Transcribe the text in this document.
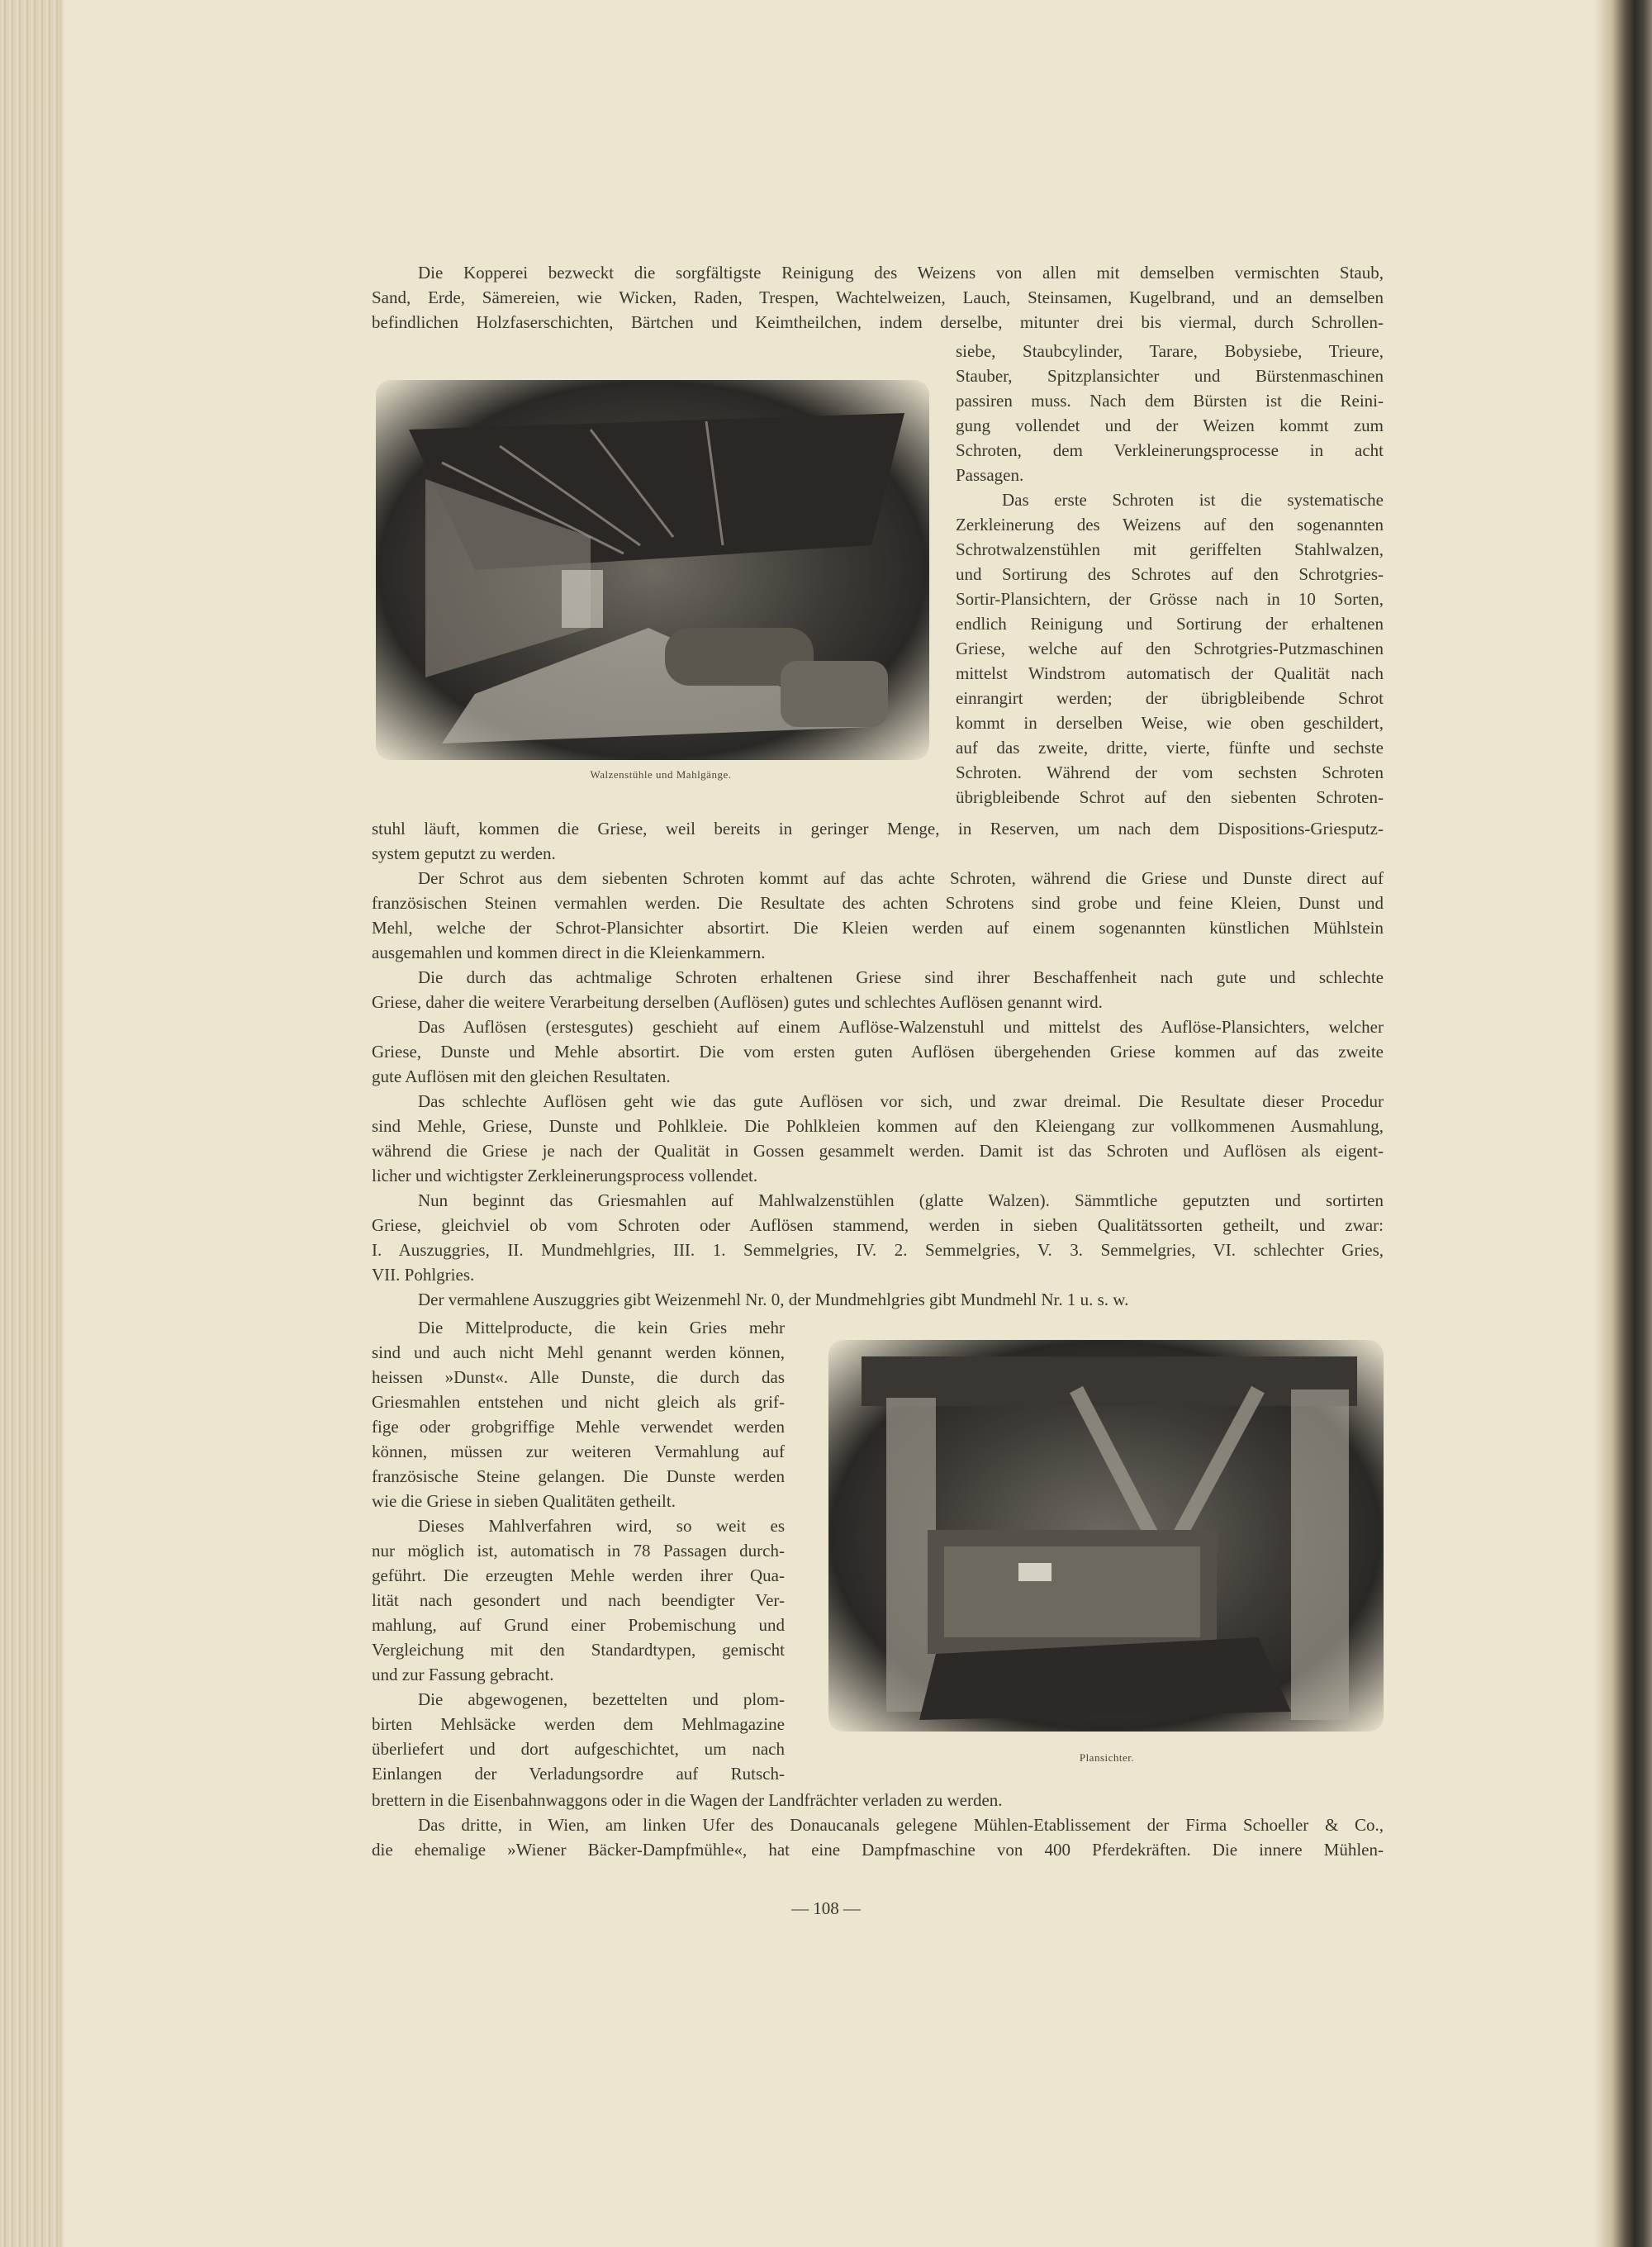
Die Kopperei bezweckt die sorgfältigste Reinigung des Weizens von allen mit demselben vermischten Staub,
Sand, Erde, Sämereien, wie Wicken, Raden, Trespen, Wachtelweizen, Lauch, Steinsamen, Kugelbrand, und an demselben
befindlichen Holzfaserschichten, Bärtchen und Keimtheilchen, indem derselbe, mitunter drei bis viermal, durch Schrollen-
siebe, Staubcylinder, Tarare, Bobysiebe, Trieure,
Stauber, Spitzplansichter und Bürstenmaschinen
passiren muss. Nach dem Bürsten ist die Reini-
gung vollendet und der Weizen kommt zum
Schroten, dem Verkleinerungsprocesse in acht
Passagen.
Das erste Schroten ist die systematische
Zerkleinerung des Weizens auf den sogenannten
Schrotwalzenstühlen mit geriffelten Stahlwalzen,
und Sortirung des Schrotes auf den Schrotgries-
Sortir-Plansichtern, der Grösse nach in 10 Sorten,
endlich Reinigung und Sortirung der erhaltenen
Griese, welche auf den Schrotgries-Putzmaschinen
mittelst Windstrom automatisch der Qualität nach
einrangirt werden; der übrigbleibende Schrot
kommt in derselben Weise, wie oben geschildert,
auf das zweite, dritte, vierte, fünfte und sechste
Schroten. Während der vom sechsten Schroten
übrigbleibende Schrot auf den siebenten Schroten-
stuhl läuft, kommen die Griese, weil bereits in geringer Menge, in Reserven, um nach dem Dispositions-Griesputz-
system geputzt zu werden.
Der Schrot aus dem siebenten Schroten kommt auf das achte Schroten, während die Griese und Dunste direct auf
französischen Steinen vermahlen werden. Die Resultate des achten Schrotens sind grobe und feine Kleien, Dunst und
Mehl, welche der Schrot-Plansichter absortirt. Die Kleien werden auf einem sogenannten künstlichen Mühlstein
ausgemahlen und kommen direct in die Kleienkammern.
Die durch das achtmalige Schroten erhaltenen Griese sind ihrer Beschaffenheit nach gute und schlechte
Griese, daher die weitere Verarbeitung derselben (Auflösen) gutes und schlechtes Auflösen genannt wird.
Das Auflösen (erstesgutes) geschieht auf einem Auflöse-Walzenstuhl und mittelst des Auflöse-Plansichters, welcher
Griese, Dunste und Mehle absortirt. Die vom ersten guten Auflösen übergehenden Griese kommen auf das zweite
gute Auflösen mit den gleichen Resultaten.
Das schlechte Auflösen geht wie das gute Auflösen vor sich, und zwar dreimal. Die Resultate dieser Procedur
sind Mehle, Griese, Dunste und Pohlkleie. Die Pohlkleien kommen auf den Kleiengang zur vollkommenen Ausmahlung,
während die Griese je nach der Qualität in Gossen gesammelt werden. Damit ist das Schroten und Auflösen als eigent-
licher und wichtigster Zerkleinerungsprocess vollendet.
Nun beginnt das Griesmahlen auf Mahlwalzenstühlen (glatte Walzen). Sämmtliche geputzten und sortirten
Griese, gleichviel ob vom Schroten oder Auflösen stammend, werden in sieben Qualitätssorten getheilt, und zwar:
I. Auszuggries, II. Mundmehlgries, III. 1. Semmelgries, IV. 2. Semmelgries, V. 3. Semmelgries, VI. schlechter Gries,
VII. Pohlgries.
Der vermahlene Auszuggries gibt Weizenmehl Nr. 0, der Mundmehlgries gibt Mundmehl Nr. 1 u. s. w.
Die Mittelproducte, die kein Gries mehr
sind und auch nicht Mehl genannt werden können,
heissen »Dunst«. Alle Dunste, die durch das
Griesmahlen entstehen und nicht gleich als grif-
fige oder grobgriffige Mehle verwendet werden
können, müssen zur weiteren Vermahlung auf
französische Steine gelangen. Die Dunste werden
wie die Griese in sieben Qualitäten getheilt.
Dieses Mahlverfahren wird, so weit es
nur möglich ist, automatisch in 78 Passagen durch-
geführt. Die erzeugten Mehle werden ihrer Qua-
lität nach gesondert und nach beendigter Ver-
mahlung, auf Grund einer Probemischung und
Vergleichung mit den Standardtypen, gemischt
und zur Fassung gebracht.
Die abgewogenen, bezettelten und plom-
birten Mehlsäcke werden dem Mehlmagazine
überliefert und dort aufgeschichtet, um nach
Einlangen der Verladungsordre auf Rutsch-
brettern in die Eisenbahnwaggons oder in die Wagen der Landfrächter verladen zu werden.
Das dritte, in Wien, am linken Ufer des Donaucanals gelegene Mühlen-Etablissement der Firma Schoeller & Co.,
die ehemalige »Wiener Bäcker-Dampfmühle«, hat eine Dampfmaschine von 400 Pferdekräften. Die innere Mühlen-
Walzenstühle und Mahlgänge.
Plansichter.
— 108 —
